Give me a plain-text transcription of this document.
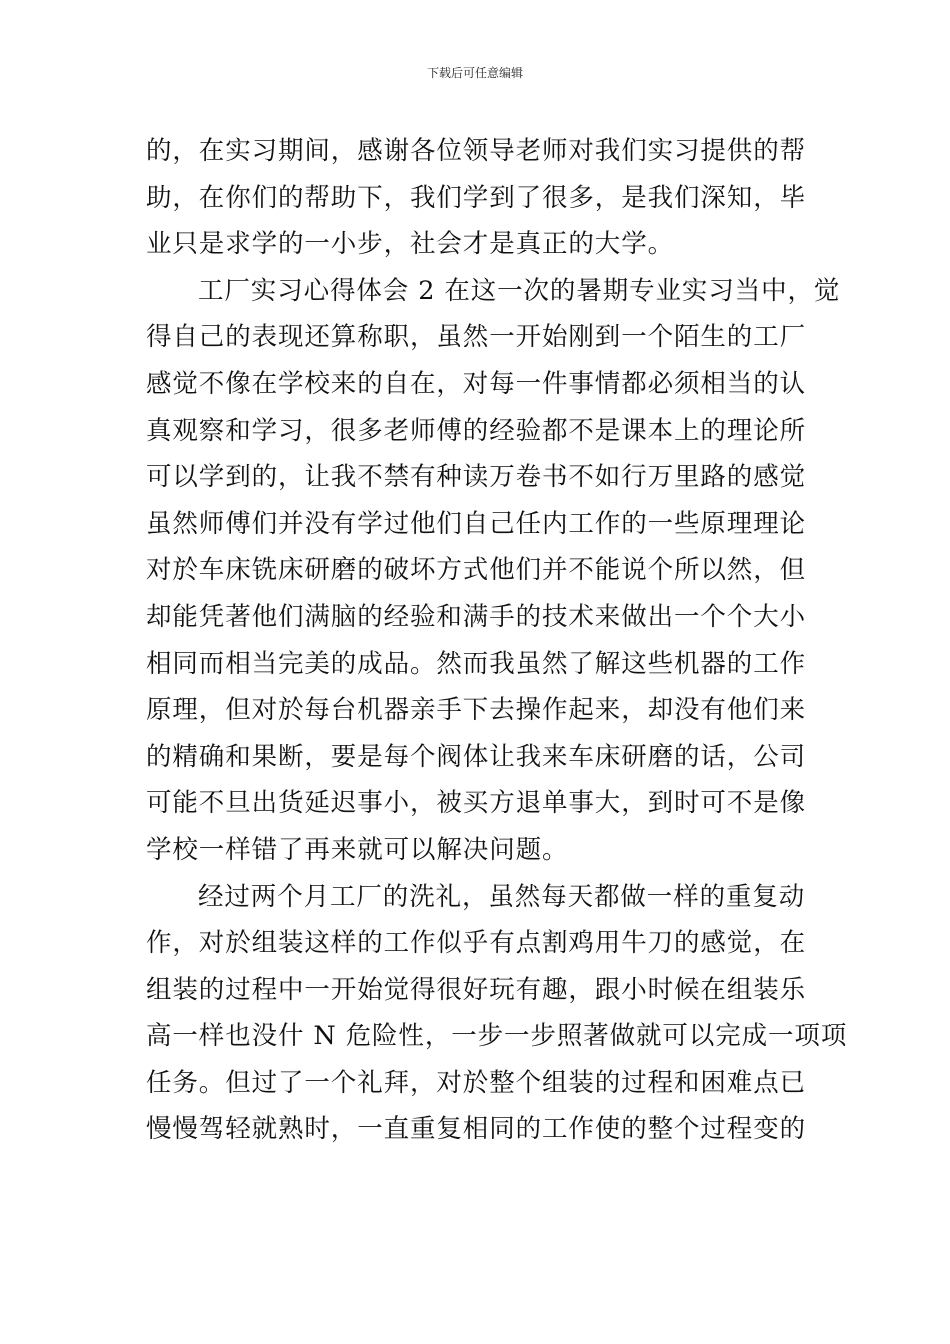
下载后可任意编辑
的，在实习期间，感谢各位领导老师对我们实习提供的帮
助，在你们的帮助下，我们学到了很多，是我们深知，毕
业只是求学的一小步，社会才是真正的大学。
工厂实习心得体会 2 在这一次的暑期专业实习当中，觉
得自己的表现还算称职，虽然一开始刚到一个陌生的工厂
感觉不像在学校来的自在，对每一件事情都必须相当的认
真观察和学习，很多老师傅的经验都不是课本上的理论所
可以学到的，让我不禁有种读万卷书不如行万里路的感觉
虽然师傅们并没有学过他们自己任内工作的一些原理理论
对於车床铣床研磨的破坏方式他们并不能说个所以然，但
却能凭著他们满脑的经验和满手的技术来做出一个个大小
相同而相当完美的成品。然而我虽然了解这些机器的工作
原理，但对於每台机器亲手下去操作起来，却没有他们来
的精确和果断，要是每个阀体让我来车床研磨的话，公司
可能不旦出货延迟事小，被买方退单事大，到时可不是像
学校一样错了再来就可以解决问题。
经过两个月工厂的洗礼，虽然每天都做一样的重复动
作，对於组装这样的工作似乎有点割鸡用牛刀的感觉，在
组装的过程中一开始觉得很好玩有趣，跟小时候在组装乐
高一样也没什 N 危险性，一步一步照著做就可以完成一项项
任务。但过了一个礼拜，对於整个组装的过程和困难点已
慢慢驾轻就熟时，一直重复相同的工作使的整个过程变的
